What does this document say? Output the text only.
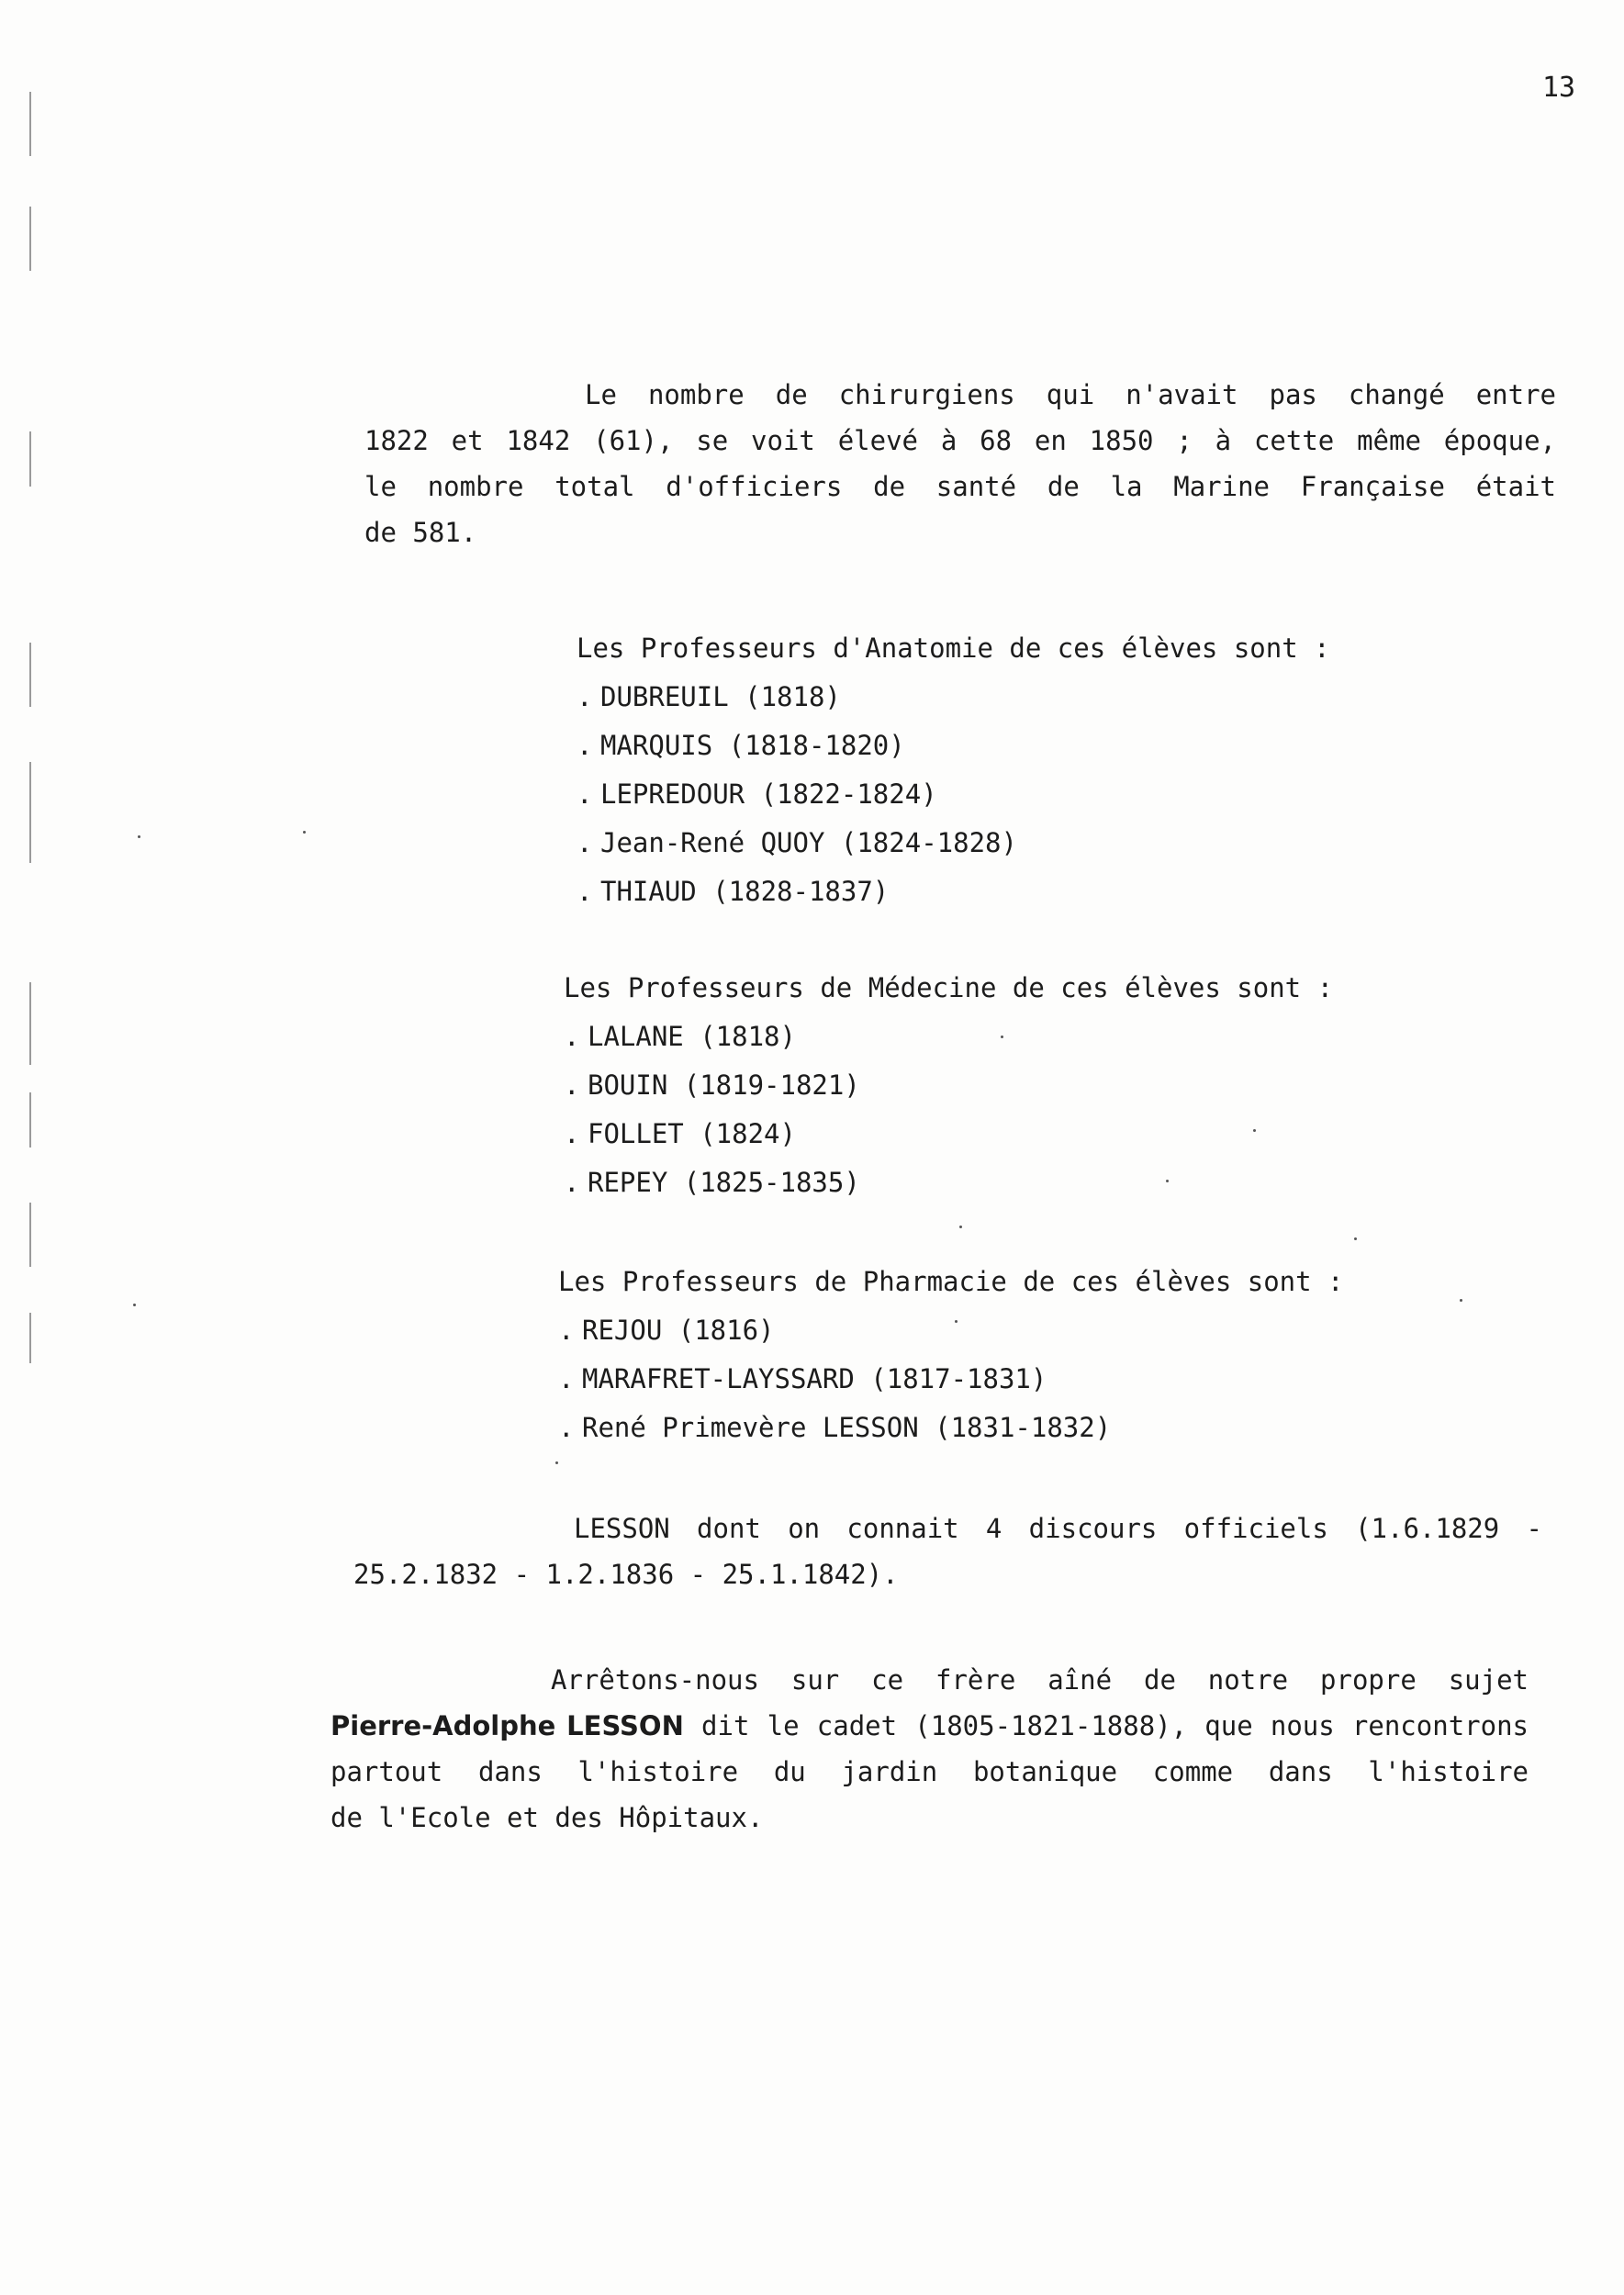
13
Le nombre de chirurgiens qui n'avait pas changé entre
1822 et 1842 (61), se voit élevé à 68 en 1850 ; à cette même époque,
le nombre total d'officiers de santé de la Marine Française était
de 581.
Les Professeurs d'Anatomie de ces élèves sont :
. DUBREUIL (1818)
. MARQUIS (1818-1820)
. LEPREDOUR (1822-1824)
. Jean-René QUOY (1824-1828)
. THIAUD (1828-1837)
Les Professeurs de Médecine de ces élèves sont :
. LALANE (1818)
. BOUIN (1819-1821)
. FOLLET (1824)
. REPEY (1825-1835)
Les Professeurs de Pharmacie de ces élèves sont :
. REJOU (1816)
. MARAFRET-LAYSSARD (1817-1831)
. René Primevère LESSON (1831-1832)
LESSON dont on connait 4 discours officiels (1.6.1829 -
25.2.1832 - 1.2.1836 - 25.1.1842).
Arrêtons-nous sur ce frère aîné de notre propre sujet
Pierre-Adolphe LESSON dit le cadet (1805-1821-1888), que nous rencontrons
partout dans l'histoire du jardin botanique comme dans l'histoire
de l'Ecole et des Hôpitaux.
